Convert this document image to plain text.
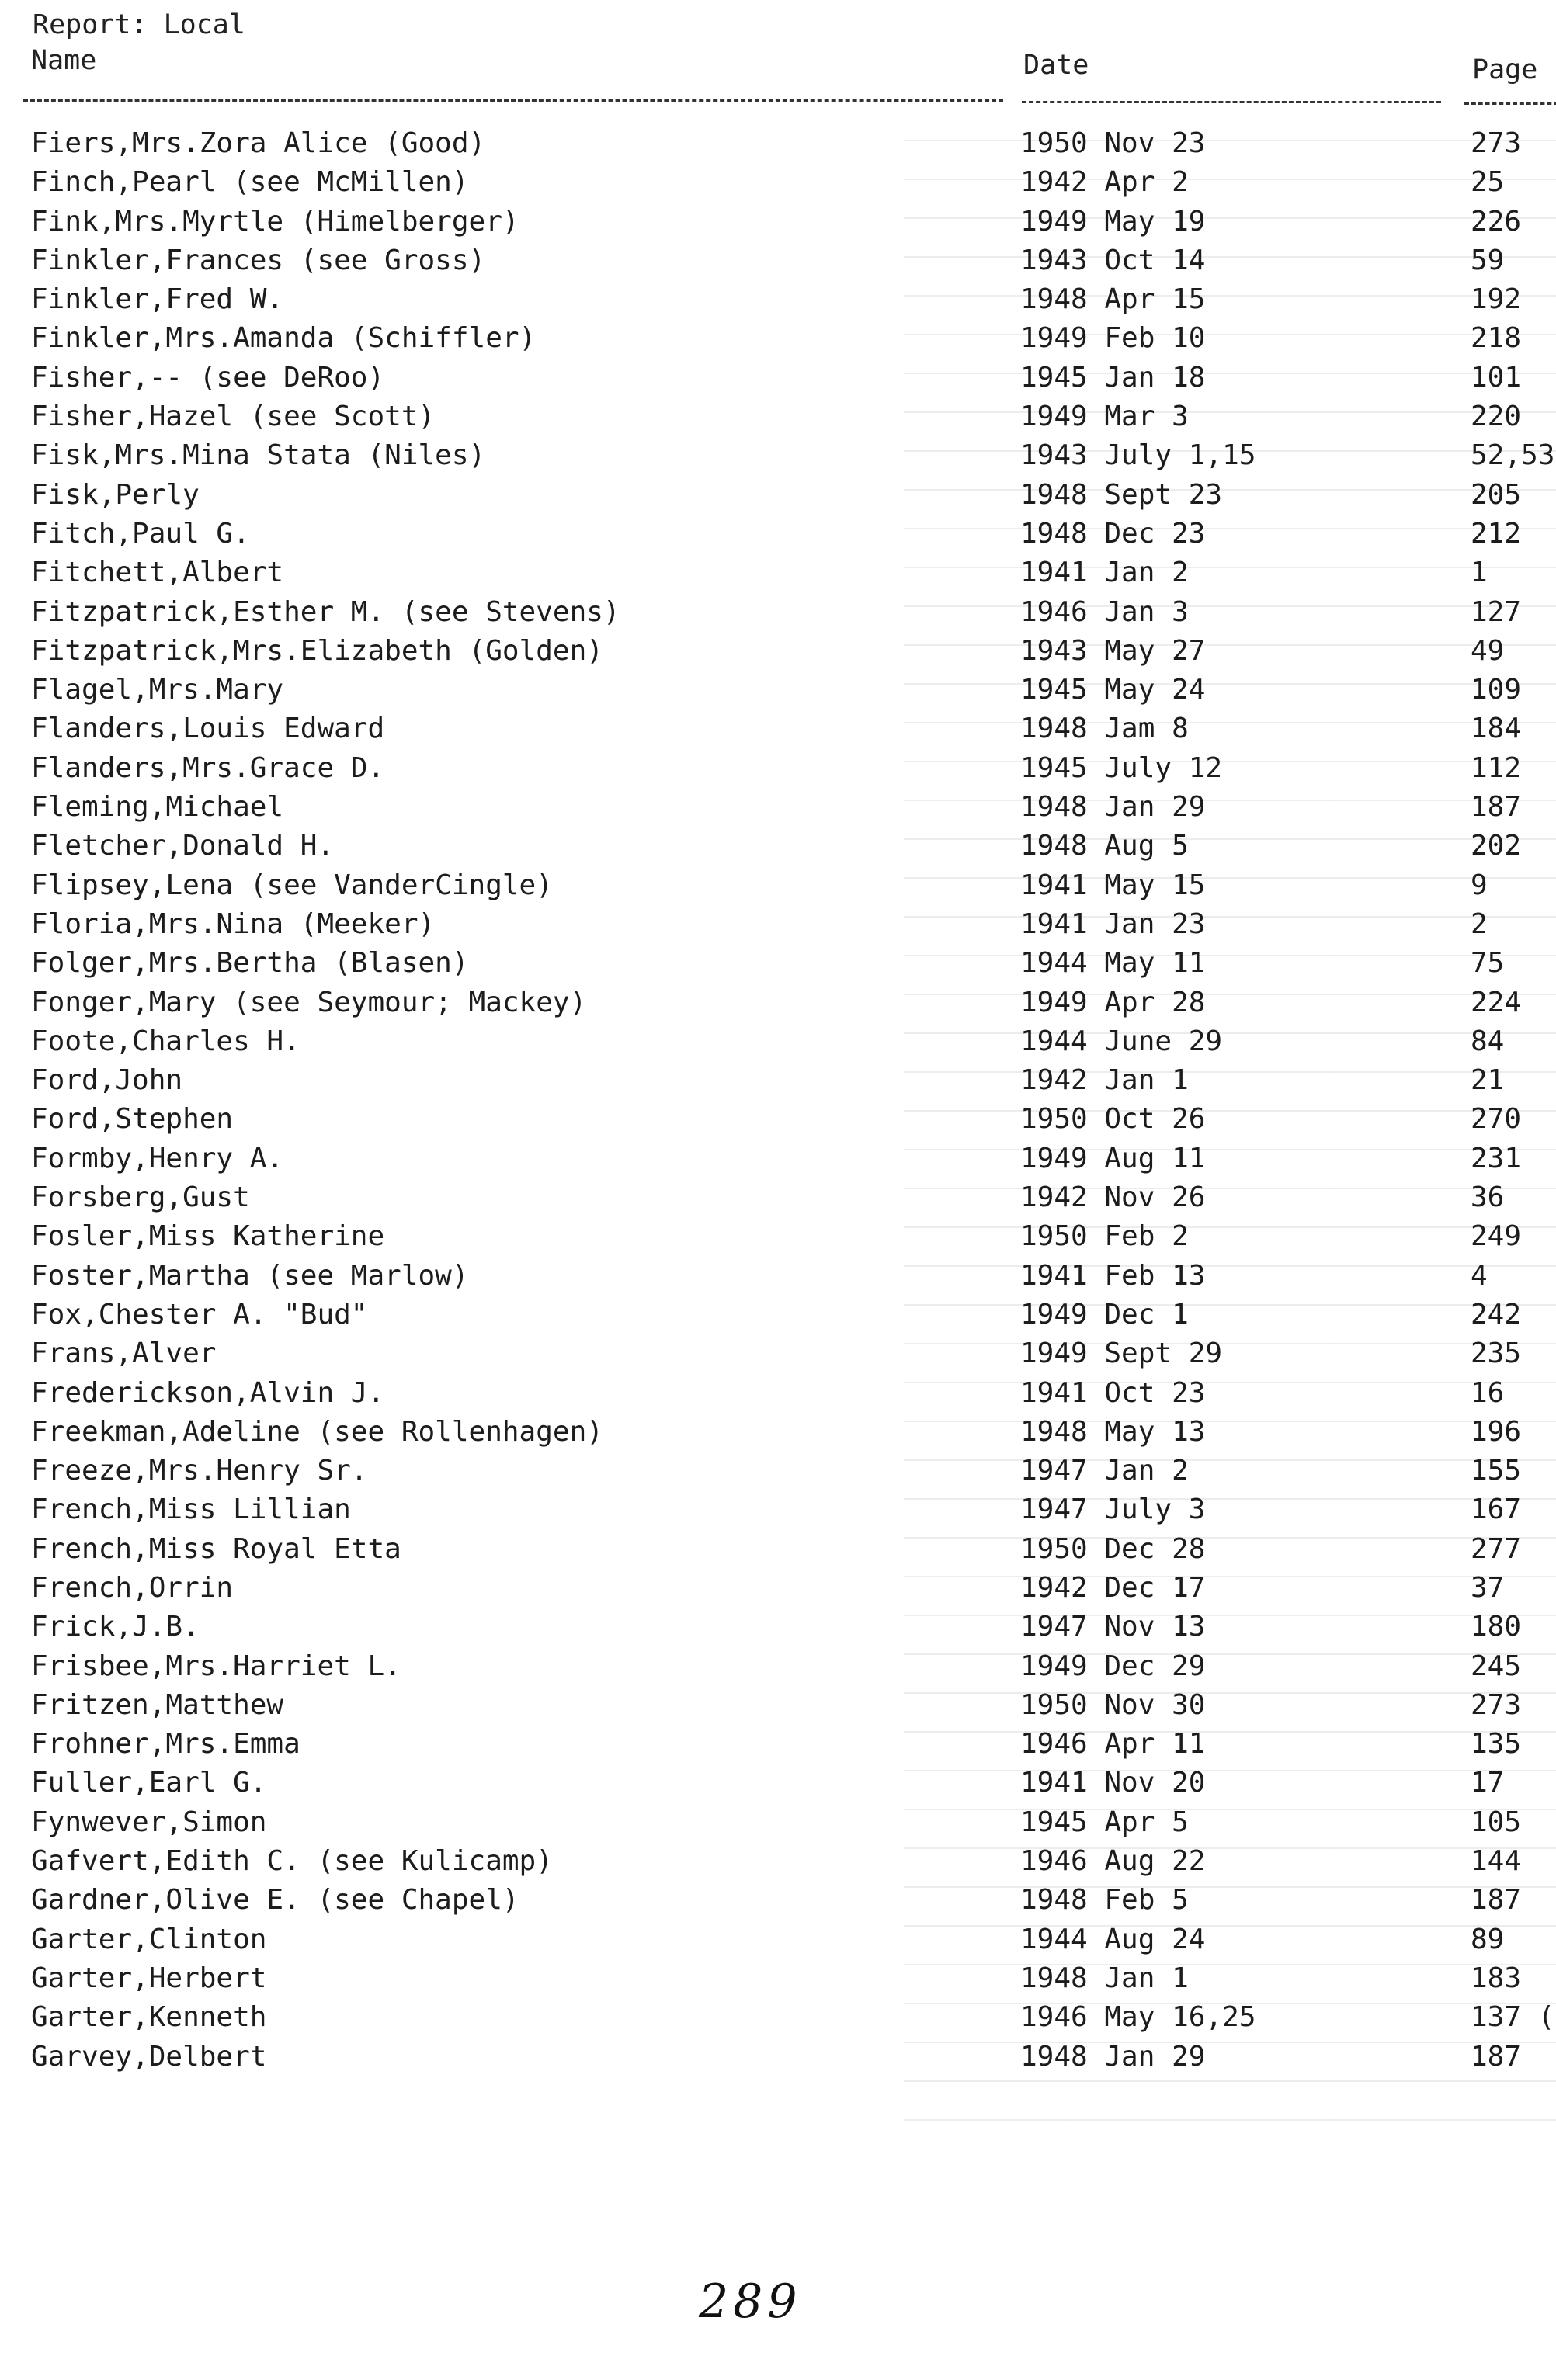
Report: Local
Name	Date	Page
Fiers,Mrs.Zora Alice (Good)	1950 Nov 23	273
Finch,Pearl (see McMillen)	1942 Apr 2	25
Fink,Mrs.Myrtle (Himelberger)	1949 May 19	226
Finkler,Frances (see Gross)	1943 Oct 14	59
Finkler,Fred W.	1948 Apr 15	192
Finkler,Mrs.Amanda (Schiffler)	1949 Feb 10	218
Fisher,-- (see DeRoo)	1945 Jan 18	101
Fisher,Hazel (see Scott)	1949 Mar 3	220
Fisk,Mrs.Mina Stata (Niles)	1943 July 1,15	52,53
Fisk,Perly	1948 Sept 23	205
Fitch,Paul G.	1948 Dec 23	212
Fitchett,Albert	1941 Jan 2	1
Fitzpatrick,Esther M. (see Stevens)	1946 Jan 3	127
Fitzpatrick,Mrs.Elizabeth (Golden)	1943 May 27	49
Flagel,Mrs.Mary	1945 May 24	109
Flanders,Louis Edward	1948 Jam 8	184
Flanders,Mrs.Grace D.	1945 July 12	112
Fleming,Michael	1948 Jan 29	187
Fletcher,Donald H.	1948 Aug 5	202
Flipsey,Lena (see VanderCingle)	1941 May 15	9
Floria,Mrs.Nina (Meeker)	1941 Jan 23	2
Folger,Mrs.Bertha (Blasen)	1944 May 11	75
Fonger,Mary (see Seymour; Mackey)	1949 Apr 28	224
Foote,Charles H.	1944 June 29	84
Ford,John	1942 Jan 1	21
Ford,Stephen	1950 Oct 26	270
Formby,Henry A.	1949 Aug 11	231
Forsberg,Gust	1942 Nov 26	36
Fosler,Miss Katherine	1950 Feb 2	249
Foster,Martha (see Marlow)	1941 Feb 13	4
Fox,Chester A. "Bud"	1949 Dec 1	242
Frans,Alver	1949 Sept 29	235
Frederickson,Alvin J.	1941 Oct 23	16
Freekman,Adeline (see Rollenhagen)	1948 May 13	196
Freeze,Mrs.Henry Sr.	1947 Jan 2	155
French,Miss Lillian	1947 July 3	167
French,Miss Royal Etta	1950 Dec 28	277
French,Orrin	1942 Dec 17	37
Frick,J.B.	1947 Nov 13	180
Frisbee,Mrs.Harriet L.	1949 Dec 29	245
Fritzen,Matthew	1950 Nov 30	273
Frohner,Mrs.Emma	1946 Apr 11	135
Fuller,Earl G.	1941 Nov 20	17
Fynwever,Simon	1945 Apr 5	105
Gafvert,Edith C. (see Kulicamp)	1946 Aug 22	144
Gardner,Olive E. (see Chapel)	1948 Feb 5	187
Garter,Clinton	1944 Aug 24	89
Garter,Herbert	1948 Jan 1	183
Garter,Kenneth	1946 May 16,25	137 (
Garvey,Delbert	1948 Jan 29	187
289
